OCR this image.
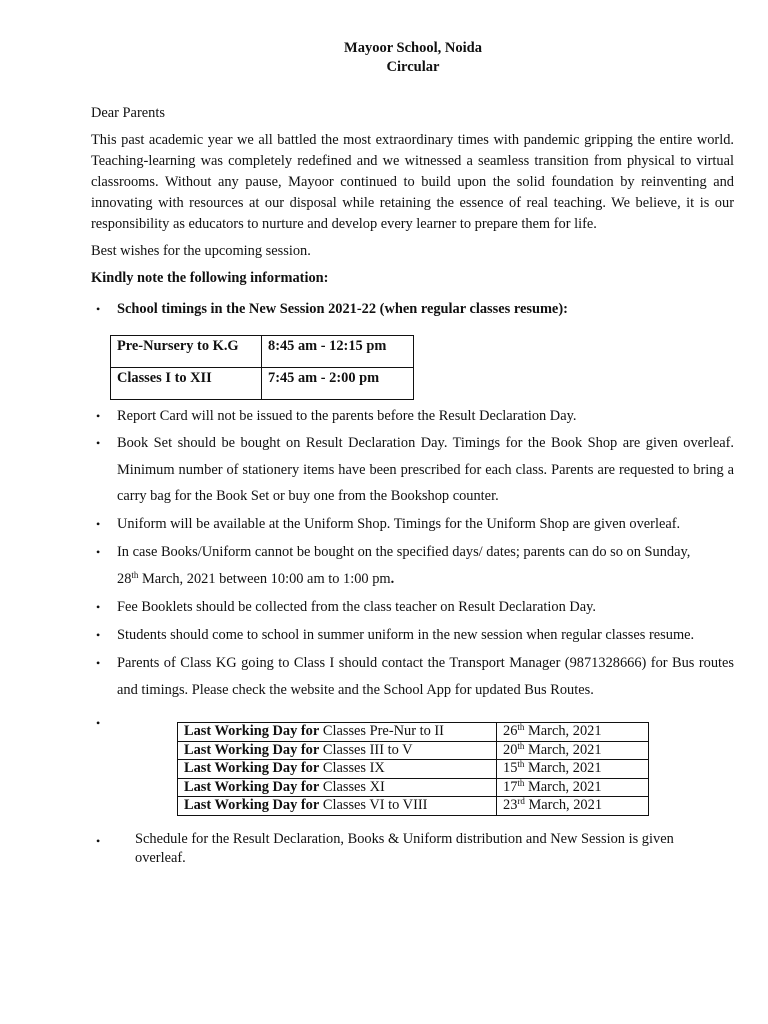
Mayoor School, Noida
Circular
Dear Parents
This past academic year we all battled the most extraordinary times with pandemic gripping the entire world. Teaching-learning was completely redefined and we witnessed a seamless transition from physical to virtual classrooms. Without any pause, Mayoor continued to build upon the solid foundation by reinventing and innovating with resources at our disposal while retaining the essence of real teaching. We believe, it is our responsibility as educators to nurture and develop every learner to prepare them for life.
Best wishes for the upcoming session.
Kindly note the following information:
• School timings in the New Session 2021-22 (when regular classes resume):
Pre-Nursery to K.G	8:45 am - 12:15 pm
Classes I to XII	7:45 am - 2:00 pm
• Report Card will not be issued to the parents before the Result Declaration Day.
• Book Set should be bought on Result Declaration Day. Timings for the Book Shop are given overleaf. Minimum number of stationery items have been prescribed for each class. Parents are requested to bring a carry bag for the Book Set or buy one from the Bookshop counter.
• Uniform will be available at the Uniform Shop. Timings for the Uniform Shop are given overleaf.
• In case Books/Uniform cannot be bought on the specified days/ dates; parents can do so on Sunday,
28th March, 2021 between 10:00 am to 1:00 pm.
• Fee Booklets should be collected from the class teacher on Result Declaration Day.
• Students should come to school in summer uniform in the new session when regular classes resume.
• Parents of Class KG going to Class I should contact the Transport Manager (9871328666) for Bus routes and timings. Please check the website and the School App for updated Bus Routes.
•
Last Working Day for Classes Pre-Nur to II	26th March, 2021
Last Working Day for Classes III to V	20th March, 2021
Last Working Day for Classes IX	15th March, 2021
Last Working Day for Classes XI	17th March, 2021
Last Working Day for Classes VI to VIII	23rd March, 2021
• Schedule for the Result Declaration, Books & Uniform distribution and New Session is given overleaf.
